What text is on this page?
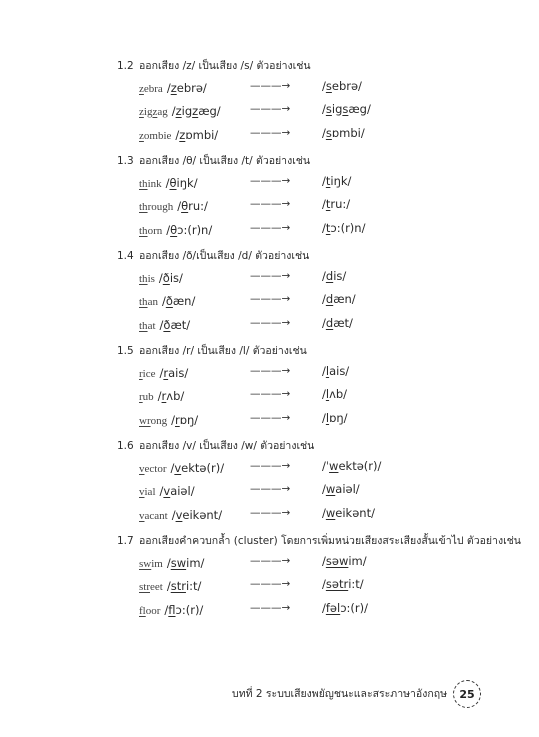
1.2 ออกเสียง /z/ เป็นเสียง /s/ ตัวอย่างเช่น
zebra /zebrə/	———→	/sebrə/
zigzag /zigzæg/	———→	/sigsæg/
zombie /zɒmbi/	———→	/sɒmbi/
1.3 ออกเสียง /θ/ เป็นเสียง /t/ ตัวอย่างเช่น
think /θiŋk/	———→	/tiŋk/
through /θru:/	———→	/tru:/
thorn /θɔ:(r)n/	———→	/tɔ:(r)n/
1.4 ออกเสียง /ð/เป็นเสียง /d/ ตัวอย่างเช่น
this /ðis/	———→	/dis/
than /ðæn/	———→	/dæn/
that /ðæt/	———→	/dæt/
1.5 ออกเสียง /r/ เป็นเสียง /l/ ตัวอย่างเช่น
rice /rais/	———→	/lais/
rub /rʌb/	———→	/lʌb/
wrong /rɒŋ/	———→	/lɒŋ/
1.6 ออกเสียง /v/ เป็นเสียง /w/ ตัวอย่างเช่น
vector /vektə(r)/	———→	/ˈwektə(r)/
vial /vaiəl/	———→	/waiəl/
vacant /veikənt/	———→	/weikənt/
1.7 ออกเสียงคำควบกล้ำ (cluster) โดยการเพิ่มหน่วยเสียงสระเสียงสั้นเข้าไป ตัวอย่างเช่น
swim /swim/	———→	/səwim/
street /stri:t/	———→	/sətri:t/
floor /flɔ:(r)/	———→	/fəlɔ:(r)/
บทที่ 2 ระบบเสียงพยัญชนะและสระภาษาอังกฤษ 25
